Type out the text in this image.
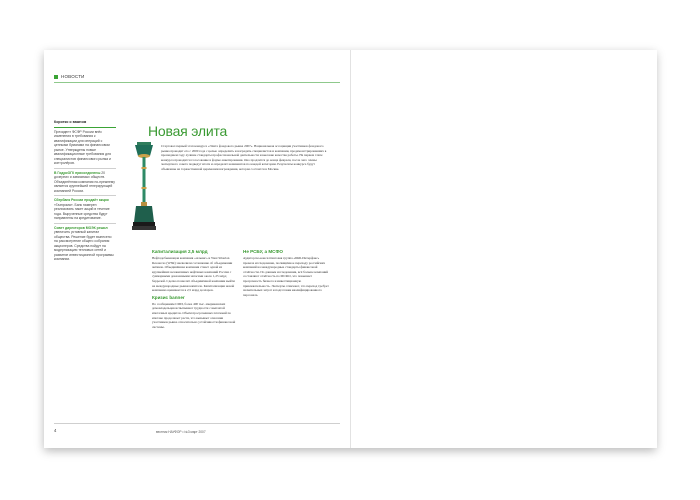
НОВОСТИ
Коротко о важном
Президент ФСФР России внёс изменения в требования к квалификации для операций с ценными бумагами на финансовом рынке. Утверждены новые квалификационные требования для специалистов финансового рынка и контролёров.
В ГидроОГК присоединены 20 дочерних и зависимых обществ. Объединённая компания по-прежнему является крупнейшей генерирующей компанией России.
Сбербанк России продаёт акции «Газпрома». Банк намерен реализовать пакет акций в течение года. Вырученные средства будут направлены на кредитование.
Совет директоров МОЭК решил увеличить уставный капитал общества. Решение будет вынесено на рассмотрение общего собрания акционеров. Средства пойдут на модернизацию тепловых сетей и развитие инвестиционной программы компании.
Новая элита
Стартовал первый этап конкурса «Элита фондового рынка 2007». Национальная ассоциация участников фондового рынка проводит его с 2000 года с целью определить и наградить специалистов и компании, продемонстрировавших в прошедшем году лучшие стандарты профессиональной деятельности и высокие качества работы. На первом этапе конкурса проводится голосование в форме анкетирования. Оно продлится до конца февраля, после чего члены экспертного совета подведут итоги и определят номинантов по каждой категории. Результаты конкурса будут объявлены на торжественной церемонии награждения, которая состоится в Москве.
Капитализация 2,5 млрд
Нефтедобывающая компания «Альянс» и West Siberian Resources (WSR) заключили соглашение об объединении активов. Объединённая компания станет одной из крупнейших независимых нефтяных компаний России с суммарными доказанными запасами около 1,25 млрд баррелей. Сделка позволит объединённой компании выйти на международные рынки капитала. Капитализация новой компании оценивается в 2,5 млрд долларов.
Кризис banner
По сообщениям СМИ, более 400 тыс. американских домовладельцев испытывают трудности с выплатой ипотечных кредитов. Объём просроченных платежей по ипотеке продолжает расти, что вызывает опасения участников рынка относительно устойчивости финансовой системы.
Не РСБУ, а МСФО
Аудиторско-консалтинговая группа «БКБ-Интерфакс» провела исследование, посвящённое переходу российских компаний на международные стандарты финансовой отчётности. По данным исследования, всё больше компаний составляют отчётность по МСФО, что повышает прозрачность бизнеса и инвестиционную привлекательность. Эксперты отмечают, что переход требует значительных затрат и подготовки квалифицированного персонала.
4	вестник НАУФОР • №3 март 2007
